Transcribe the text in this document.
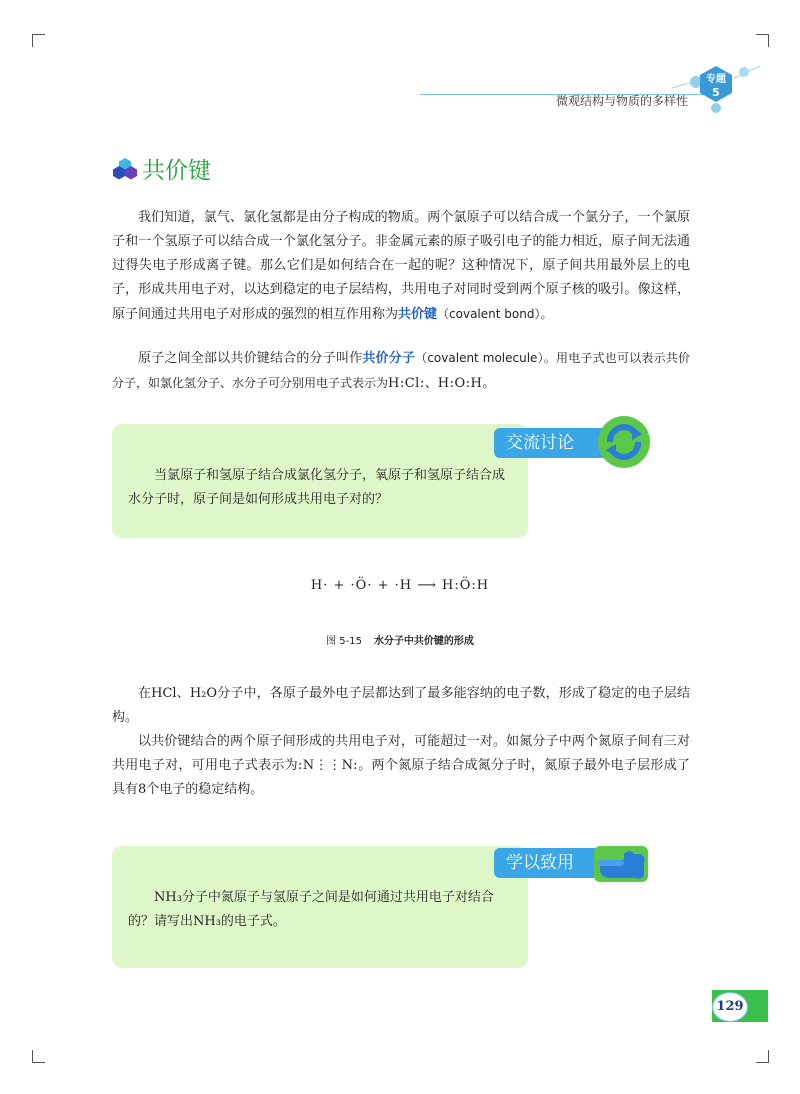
微观结构与物质的多样性
专题
5
共价键

我们知道，氯气、氯化氢都是由分子构成的物质。两个氯原子可以结合成一个氯分子，一个氯原子和一个氢原子可以结合成一个氯化氢分子。非金属元素的原子吸引电子的能力相近，原子间无法通过得失电子形成离子键。那么它们是如何结合在一起的呢？这种情况下，原子间共用最外层上的电子，形成共用电子对，以达到稳定的电子层结构，共用电子对同时受到两个原子核的吸引。像这样，原子间通过共用电子对形成的强烈的相互作用称为共价键（covalent bond）。

原子之间全部以共价键结合的分子叫作共价分子（covalent molecule）。用电子式也可以表示共价分子，如氯化氢分子、水分子可分别用电子式表示为H:Cl:、H:O:H。

当氯原子和氢原子结合成氯化氢分子，氧原子和氢原子结合成水分子时，原子间是如何形成共用电子对的？

交流讨论
H· + ·Ö· + ·H ⟶ H:Ö:H
图 5-15 水分子中共价键的形成

在HCl、H₂O分子中，各原子最外电子层都达到了最多能容纳的电子数，形成了稳定的电子层结构。

以共价键结合的两个原子间形成的共用电子对，可能超过一对。如氮分子中两个氮原子间有三对共用电子对，可用电子式表示为:N⋮⋮N:。两个氮原子结合成氮分子时，氮原子最外电子层形成了具有8个电子的稳定结构。

NH₃分子中氮原子与氢原子之间是如何通过共用电子对结合的？请写出NH₃的电子式。

学以致用
129
